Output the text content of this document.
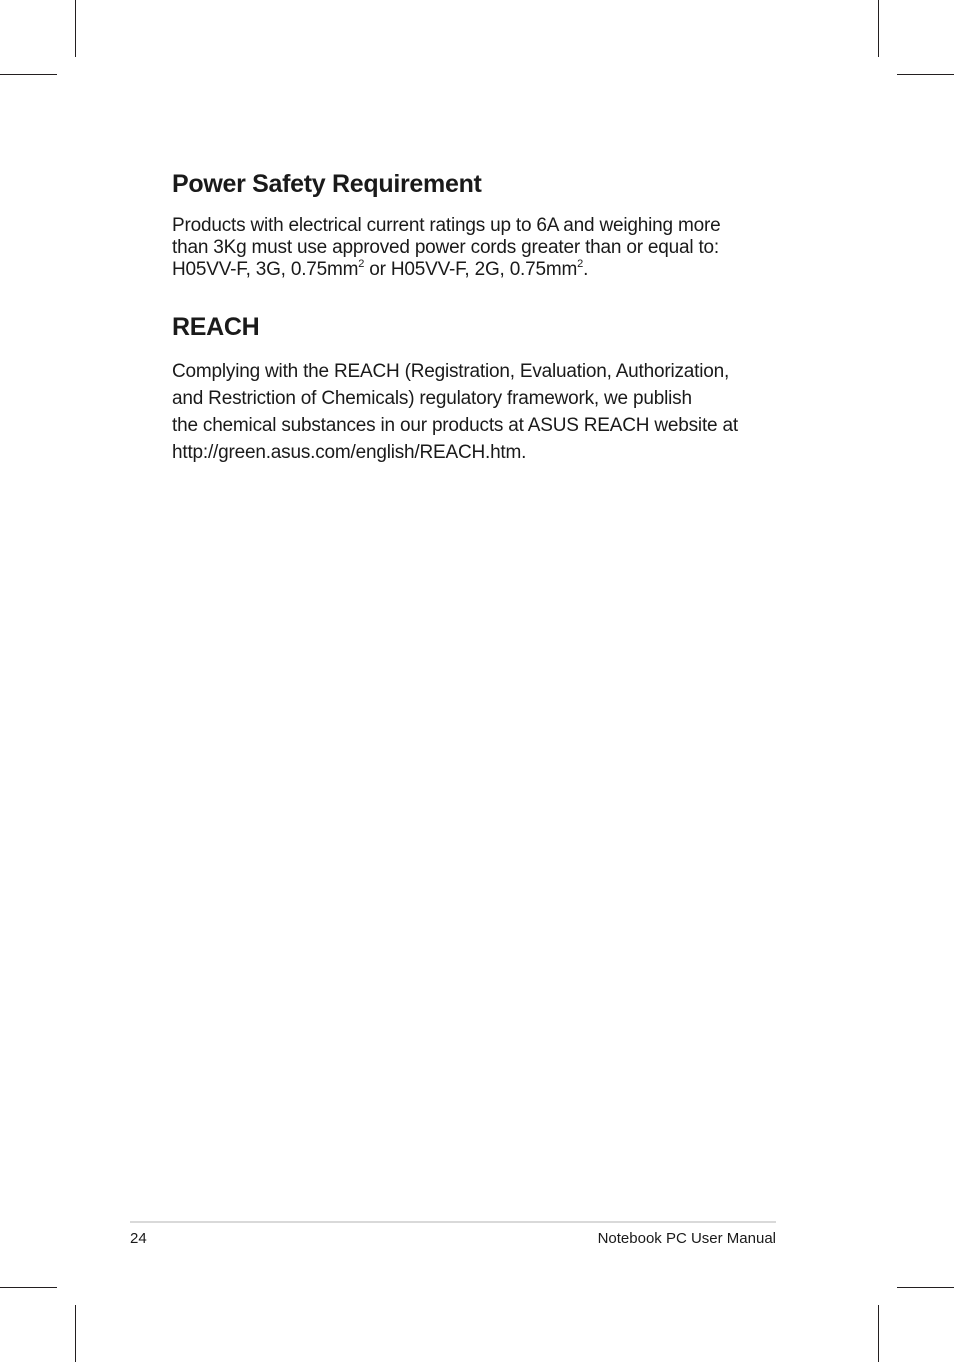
Power Safety Requirement

Products with electrical current ratings up to 6A and weighing more
than 3Kg must use approved power cords greater than or equal to:
H05VV-F, 3G, $0.75mm^2$ or H05VV-F, 2G, $0.75mm^2$.

REACH

Complying with the REACH (Registration, Evaluation, Authorization,
and Restriction of Chemicals) regulatory framework, we publish
the chemical substances in our products at ASUS REACH website at
http://green.asus.com/english/REACH.htm.

24	Notebook PC User Manual
